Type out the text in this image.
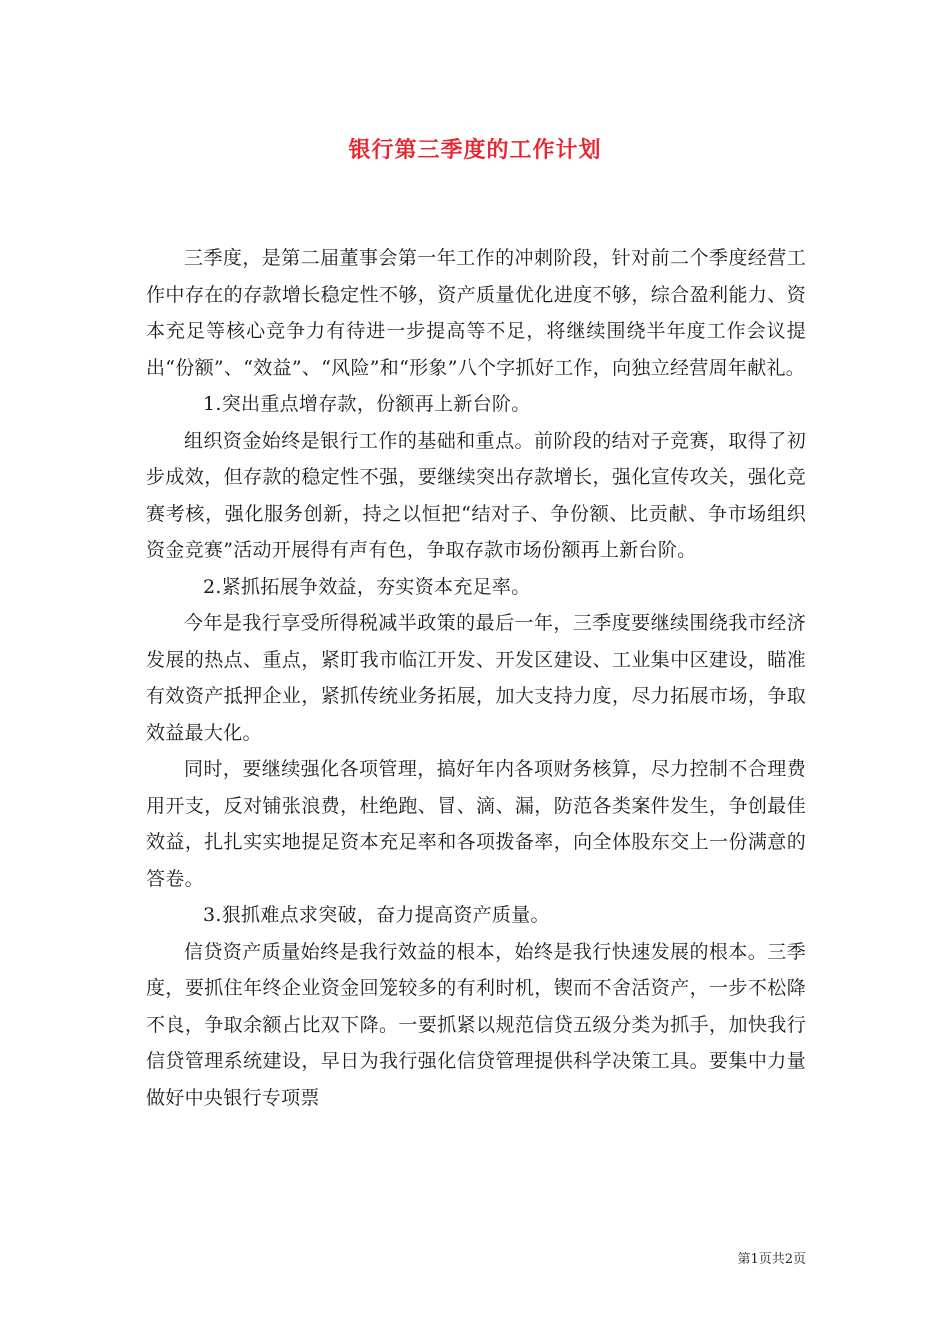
银行第三季度的工作计划

三季度，是第二届董事会第一年工作的冲刺阶段，针对前二个季度经营工作中存在的存款增长稳定性不够，资产质量优化进度不够，综合盈利能力、资本充足等核心竞争力有待进一步提高等不足，将继续围绕半年度工作会议提出“份额”、“效益”、“风险”和“形象”八个字抓好工作，向独立经营周年献礼。

1.突出重点增存款，份额再上新台阶。

组织资金始终是银行工作的基础和重点。前阶段的结对子竞赛，取得了初步成效，但存款的稳定性不强，要继续突出存款增长，强化宣传攻关，强化竞赛考核，强化服务创新，持之以恒把“结对子、争份额、比贡献、争市场组织资金竞赛”活动开展得有声有色，争取存款市场份额再上新台阶。

2.紧抓拓展争效益，夯实资本充足率。

今年是我行享受所得税减半政策的最后一年，三季度要继续围绕我市经济发展的热点、重点，紧盯我市临江开发、开发区建设、工业集中区建设，瞄准有效资产抵押企业，紧抓传统业务拓展，加大支持力度，尽力拓展市场，争取效益最大化。

同时，要继续强化各项管理，搞好年内各项财务核算，尽力控制不合理费用开支，反对铺张浪费，杜绝跑、冒、滴、漏，防范各类案件发生，争创最佳效益，扎扎实实地提足资本充足率和各项拨备率，向全体股东交上一份满意的答卷。

3.狠抓难点求突破，奋力提高资产质量。

信贷资产质量始终是我行效益的根本，始终是我行快速发展的根本。三季度，要抓住年终企业资金回笼较多的有利时机，锲而不舍活资产，一步不松降不良，争取余额占比双下降。一要抓紧以规范信贷五级分类为抓手，加快我行信贷管理系统建设，早日为我行强化信贷管理提供科学决策工具。要集中力量做好中央银行专项票

第1页共2页
